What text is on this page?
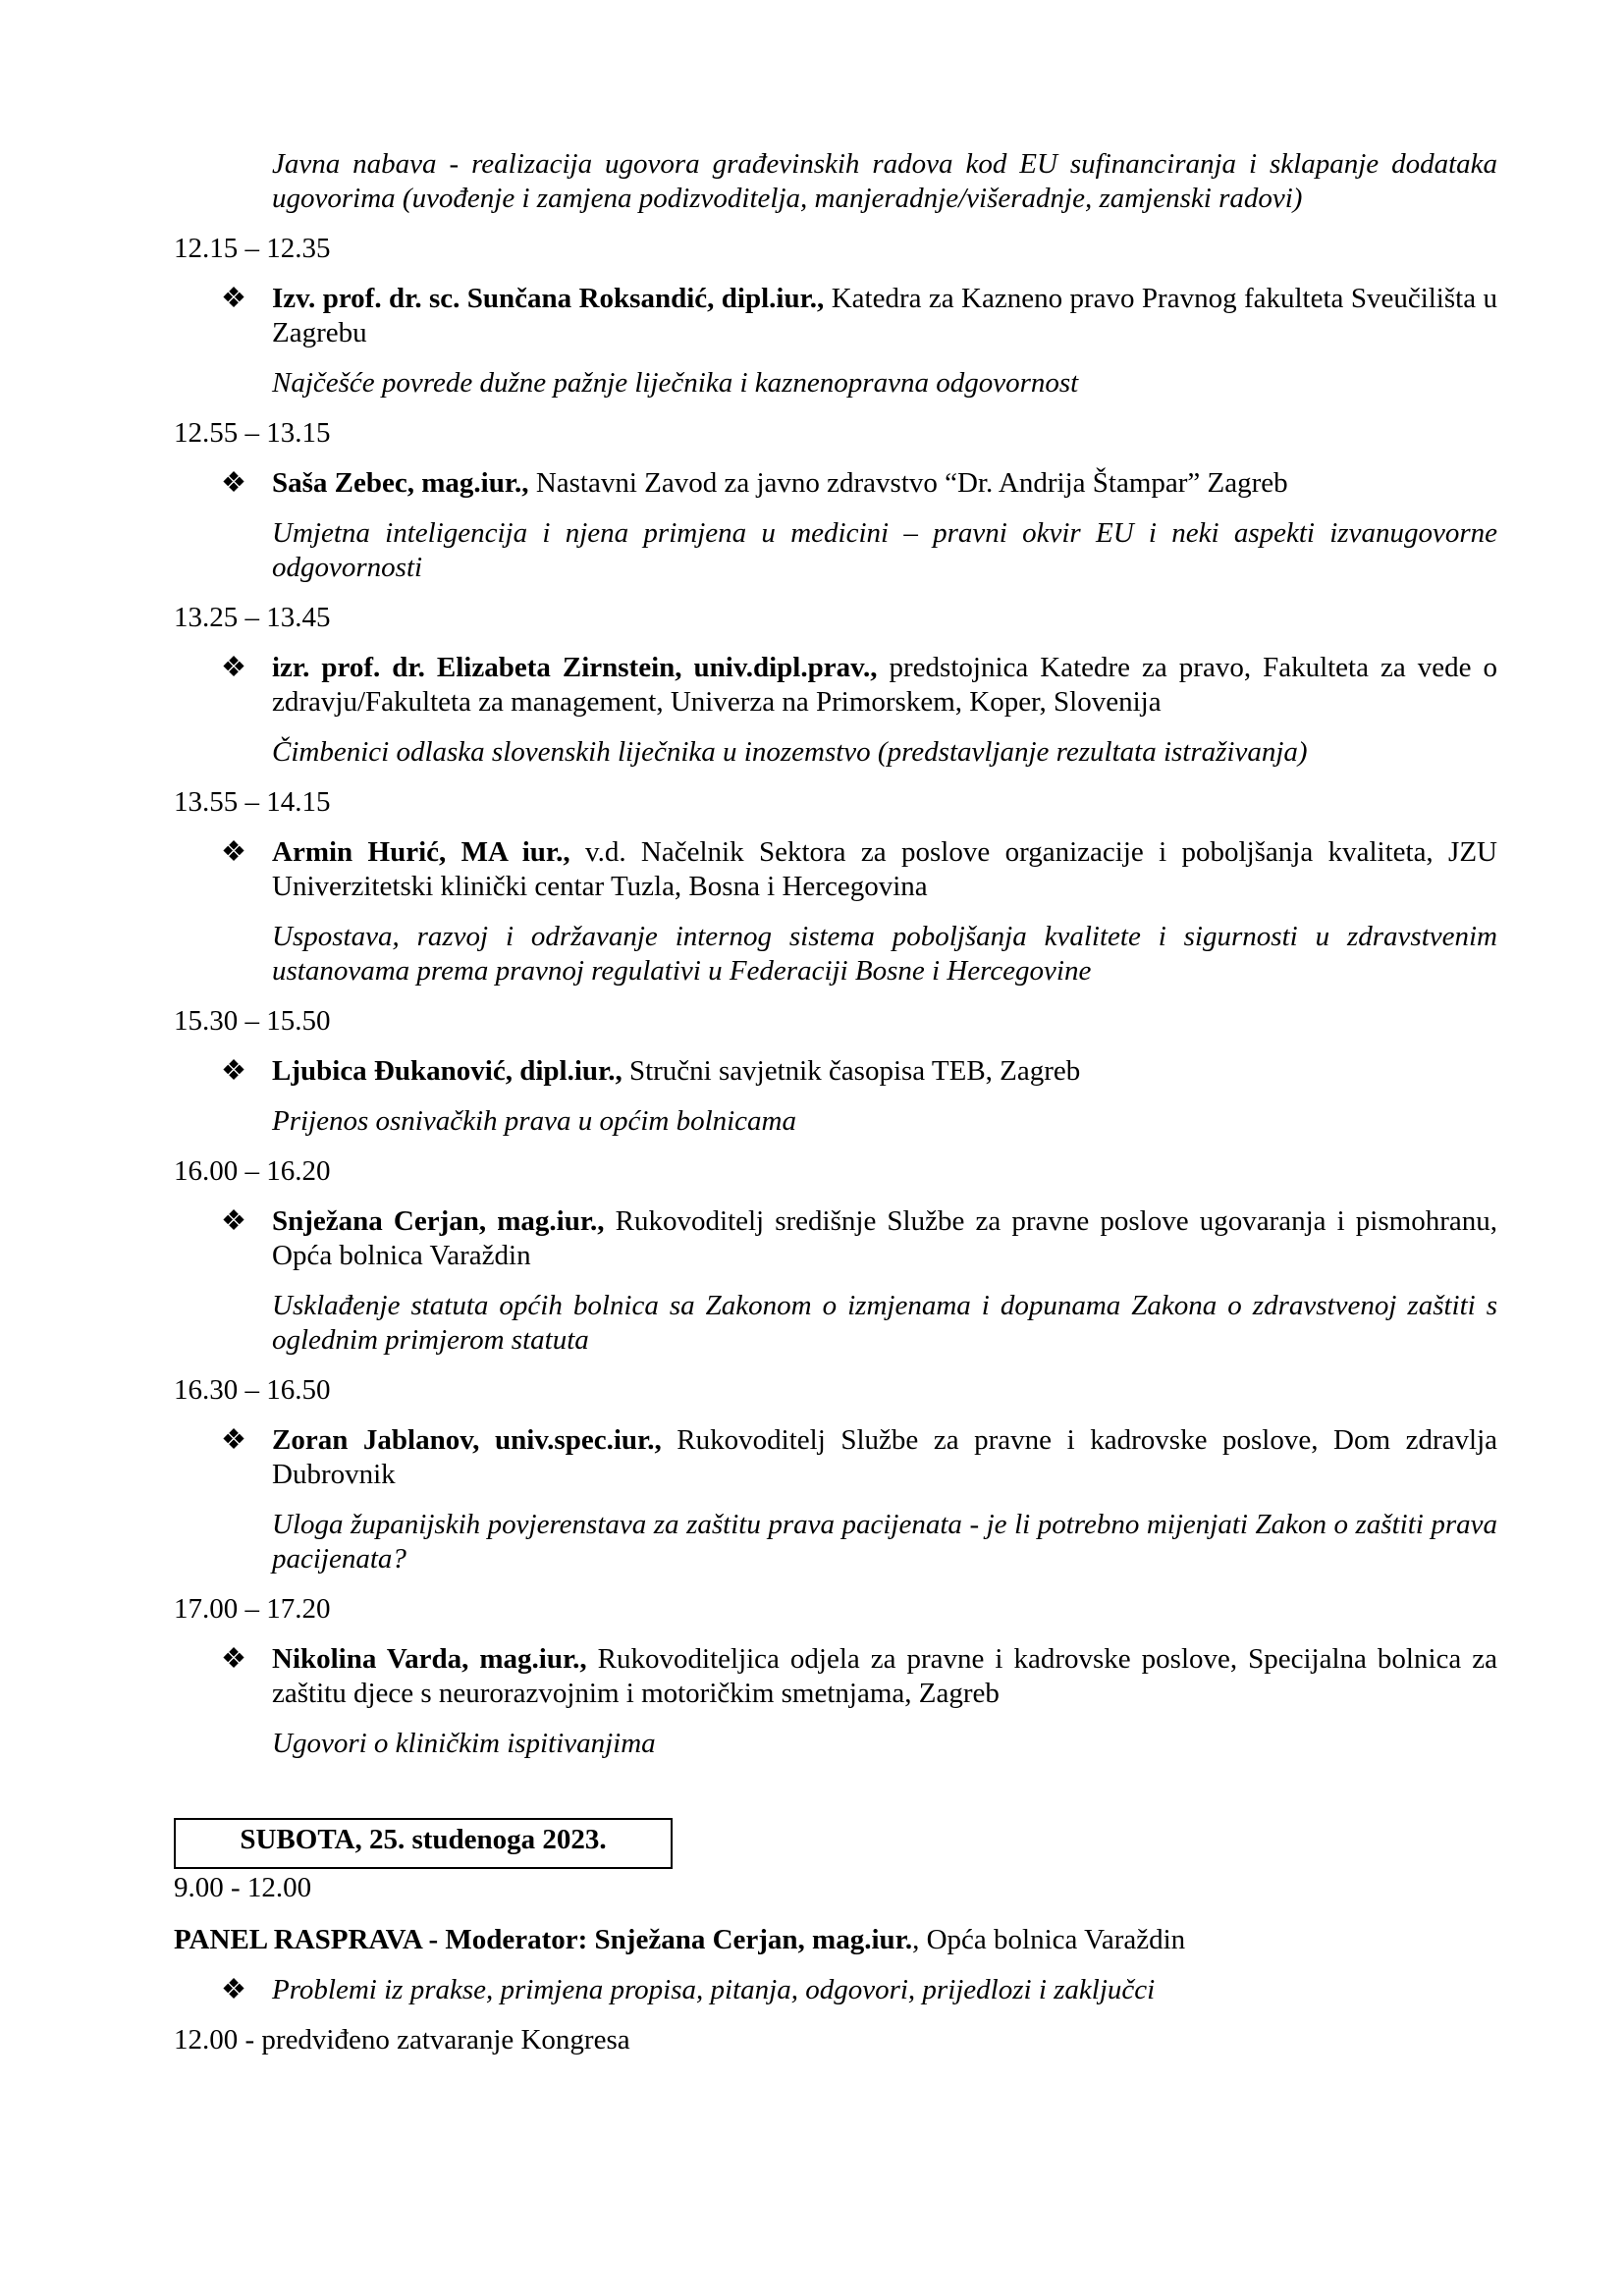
Javna nabava - realizacija ugovora građevinskih radova kod EU sufinanciranja i sklapanje dodataka ugovorima (uvođenje i zamjena podizvoditelja, manjeradnje/višeradnje, zamjenski radovi)
12.15 – 12.35
❖ Izv. prof. dr. sc. Sunčana Roksandić, dipl.iur., Katedra za Kazneno pravo Pravnog fakulteta Sveučilišta u Zagrebu
Najčešće povrede dužne pažnje liječnika i kaznenopravna odgovornost
12.55 – 13.15
❖ Saša Zebec, mag.iur., Nastavni Zavod za javno zdravstvo “Dr. Andrija Štampar” Zagreb
Umjetna inteligencija i njena primjena u medicini – pravni okvir EU i neki aspekti izvanugovorne odgovornosti
13.25 – 13.45
❖ izr. prof. dr. Elizabeta Zirnstein, univ.dipl.prav., predstojnica Katedre za pravo, Fakulteta za vede o zdravju/Fakulteta za management, Univerza na Primorskem, Koper, Slovenija
Čimbenici odlaska slovenskih liječnika u inozemstvo (predstavljanje rezultata istraživanja)
13.55 – 14.15
❖ Armin Hurić, MA iur., v.d. Načelnik Sektora za poslove organizacije i poboljšanja kvaliteta, JZU Univerzitetski klinički centar Tuzla, Bosna i Hercegovina
Uspostava, razvoj i održavanje internog sistema poboljšanja kvalitete i sigurnosti u zdravstvenim ustanovama prema pravnoj regulativi u Federaciji Bosne i Hercegovine
15.30 – 15.50
❖ Ljubica Đukanović, dipl.iur., Stručni savjetnik časopisa TEB, Zagreb
Prijenos osnivačkih prava u općim bolnicama
16.00 – 16.20
❖ Snježana Cerjan, mag.iur., Rukovoditelj središnje Službe za pravne poslove ugovaranja i pismohranu, Opća bolnica Varaždin
Usklađenje statuta općih bolnica sa Zakonom o izmjenama i dopunama Zakona o zdravstvenoj zaštiti s oglednim primjerom statuta
16.30 – 16.50
❖ Zoran Jablanov, univ.spec.iur., Rukovoditelj Službe za pravne i kadrovske poslove, Dom zdravlja Dubrovnik
Uloga županijskih povjerenstava za zaštitu prava pacijenata - je li potrebno mijenjati Zakon o zaštiti prava pacijenata?
17.00 – 17.20
❖ Nikolina Varda, mag.iur., Rukovoditeljica odjela za pravne i kadrovske poslove, Specijalna bolnica za zaštitu djece s neurorazvojnim i motoričkim smetnjama, Zagreb
Ugovori o kliničkim ispitivanjima
SUBOTA, 25. studenoga 2023.
9.00 - 12.00
PANEL RASPRAVA - Moderator: Snježana Cerjan, mag.iur., Opća bolnica Varaždin
❖ Problemi iz prakse, primjena propisa, pitanja, odgovori, prijedlozi i zaključci
12.00 - predviđeno zatvaranje Kongresa
